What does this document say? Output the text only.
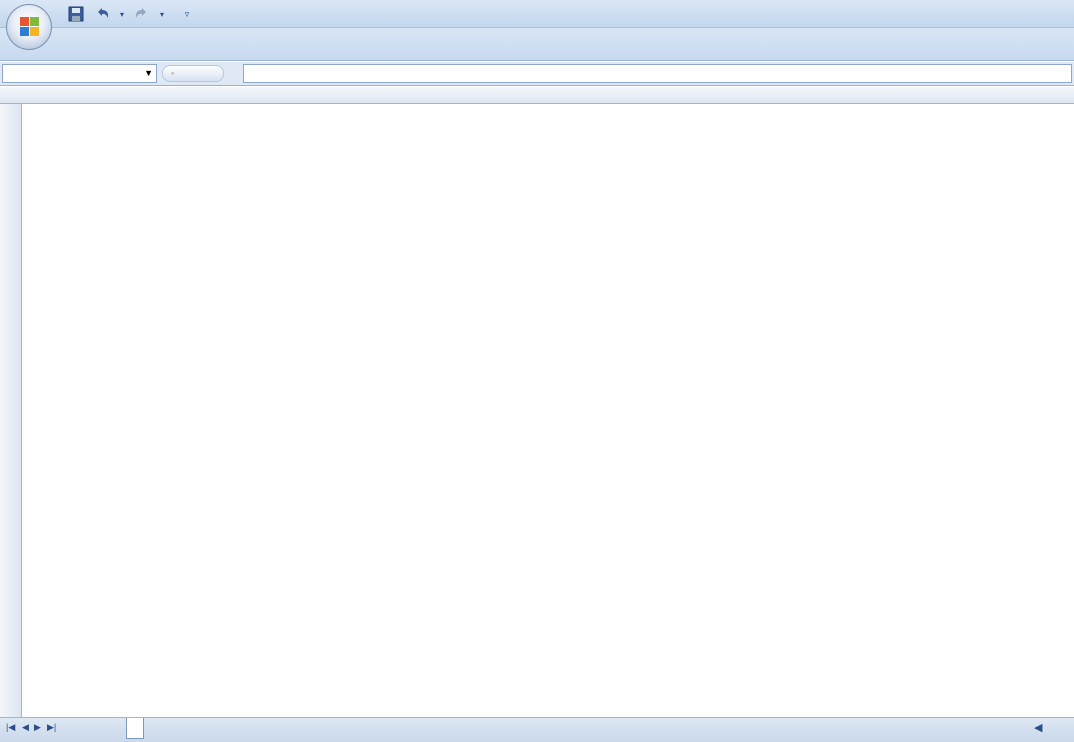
▾	▾	▿
▼	◦
|◀ ◀ ▶ ▶|	◀
